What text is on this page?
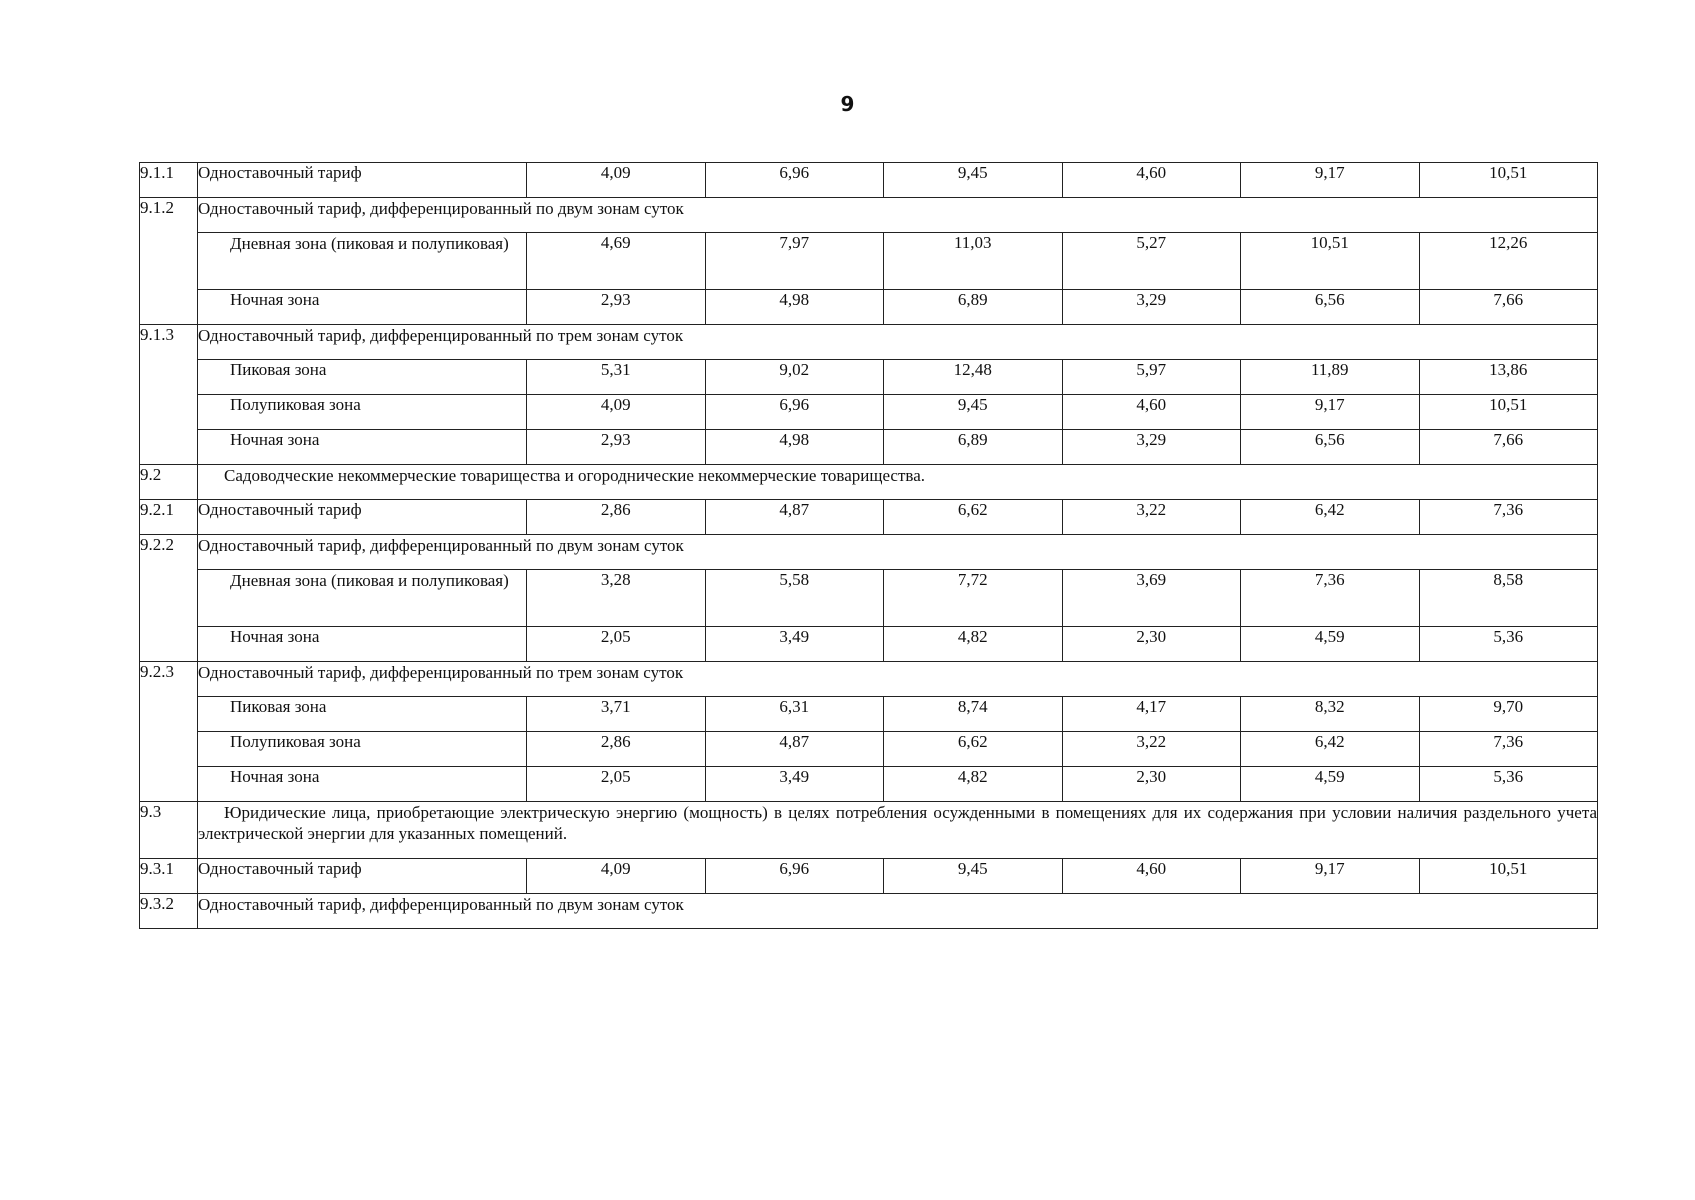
9
9.1.1	Одноставочный тариф	4,09	6,96	9,45	4,60	9,17	10,51
9.1.2	Одноставочный тариф, дифференцированный по двум зонам суток						
	Дневная зона (пиковая и полупиковая)	4,69	7,97	11,03	5,27	10,51	12,26
	Ночная зона	2,93	4,98	6,89	3,29	6,56	7,66
9.1.3	Одноставочный тариф, дифференцированный по трем зонам суток						
	Пиковая зона	5,31	9,02	12,48	5,97	11,89	13,86
	Полупиковая зона	4,09	6,96	9,45	4,60	9,17	10,51
	Ночная зона	2,93	4,98	6,89	3,29	6,56	7,66
9.2	Садоводческие некоммерческие товарищества и огороднические некоммерческие товарищества.						
9.2.1	Одноставочный тариф	2,86	4,87	6,62	3,22	6,42	7,36
9.2.2	Одноставочный тариф, дифференцированный по двум зонам суток						
	Дневная зона (пиковая и полупиковая)	3,28	5,58	7,72	3,69	7,36	8,58
	Ночная зона	2,05	3,49	4,82	2,30	4,59	5,36
9.2.3	Одноставочный тариф, дифференцированный по трем зонам суток						
	Пиковая зона	3,71	6,31	8,74	4,17	8,32	9,70
	Полупиковая зона	2,86	4,87	6,62	3,22	6,42	7,36
	Ночная зона	2,05	3,49	4,82	2,30	4,59	5,36
9.3	Юридические лица, приобретающие электрическую энергию (мощность) в целях потребления осужденными в помещениях для их содержания при условии наличия раздельного учета электрической энергии для указанных помещений.						
9.3.1	Одноставочный тариф	4,09	6,96	9,45	4,60	9,17	10,51
9.3.2	Одноставочный тариф, дифференцированный по двум зонам суток						
